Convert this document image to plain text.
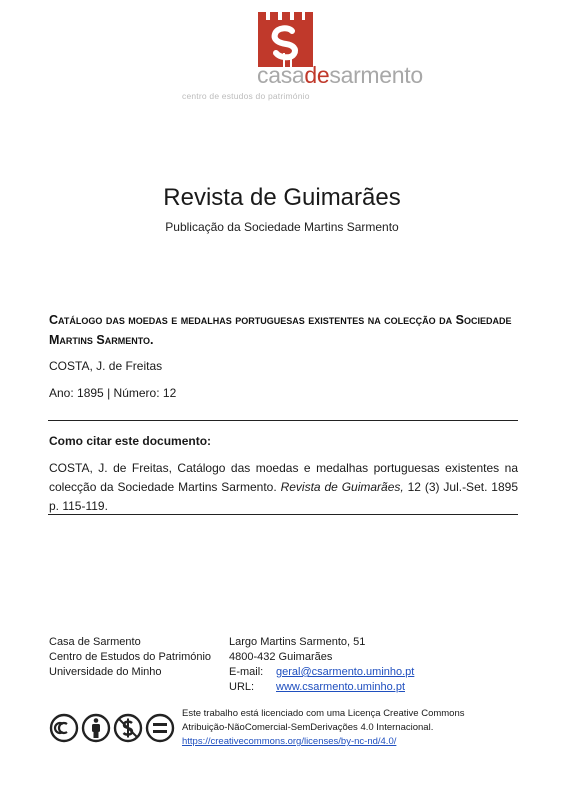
casadesarmento
centro de estudos do património
Revista de Guimarães
Publicação da Sociedade Martins Sarmento
Catálogo das moedas e medalhas portuguesas existentes na colecção da Sociedade Martins Sarmento.
COSTA, J. de Freitas
Ano: 1895 | Número: 12
Como citar este documento:
COSTA, J. de Freitas, Catálogo das moedas e medalhas portuguesas existentes na colecção da Sociedade Martins Sarmento. Revista de Guimarães, 12 (3) Jul.-Set. 1895 p. 115-119.
Casa de Sarmento
Centro de Estudos do Património
Universidade do Minho
Largo Martins Sarmento, 51
4800-432 Guimarães
E-mail: geral@csarmento.uminho.pt
URL: www.csarmento.uminho.pt
Este trabalho está licenciado com uma Licença Creative Commons
Atribuição-NãoComercial-SemDerivações 4.0 Internacional.
https://creativecommons.org/licenses/by-nc-nd/4.0/
